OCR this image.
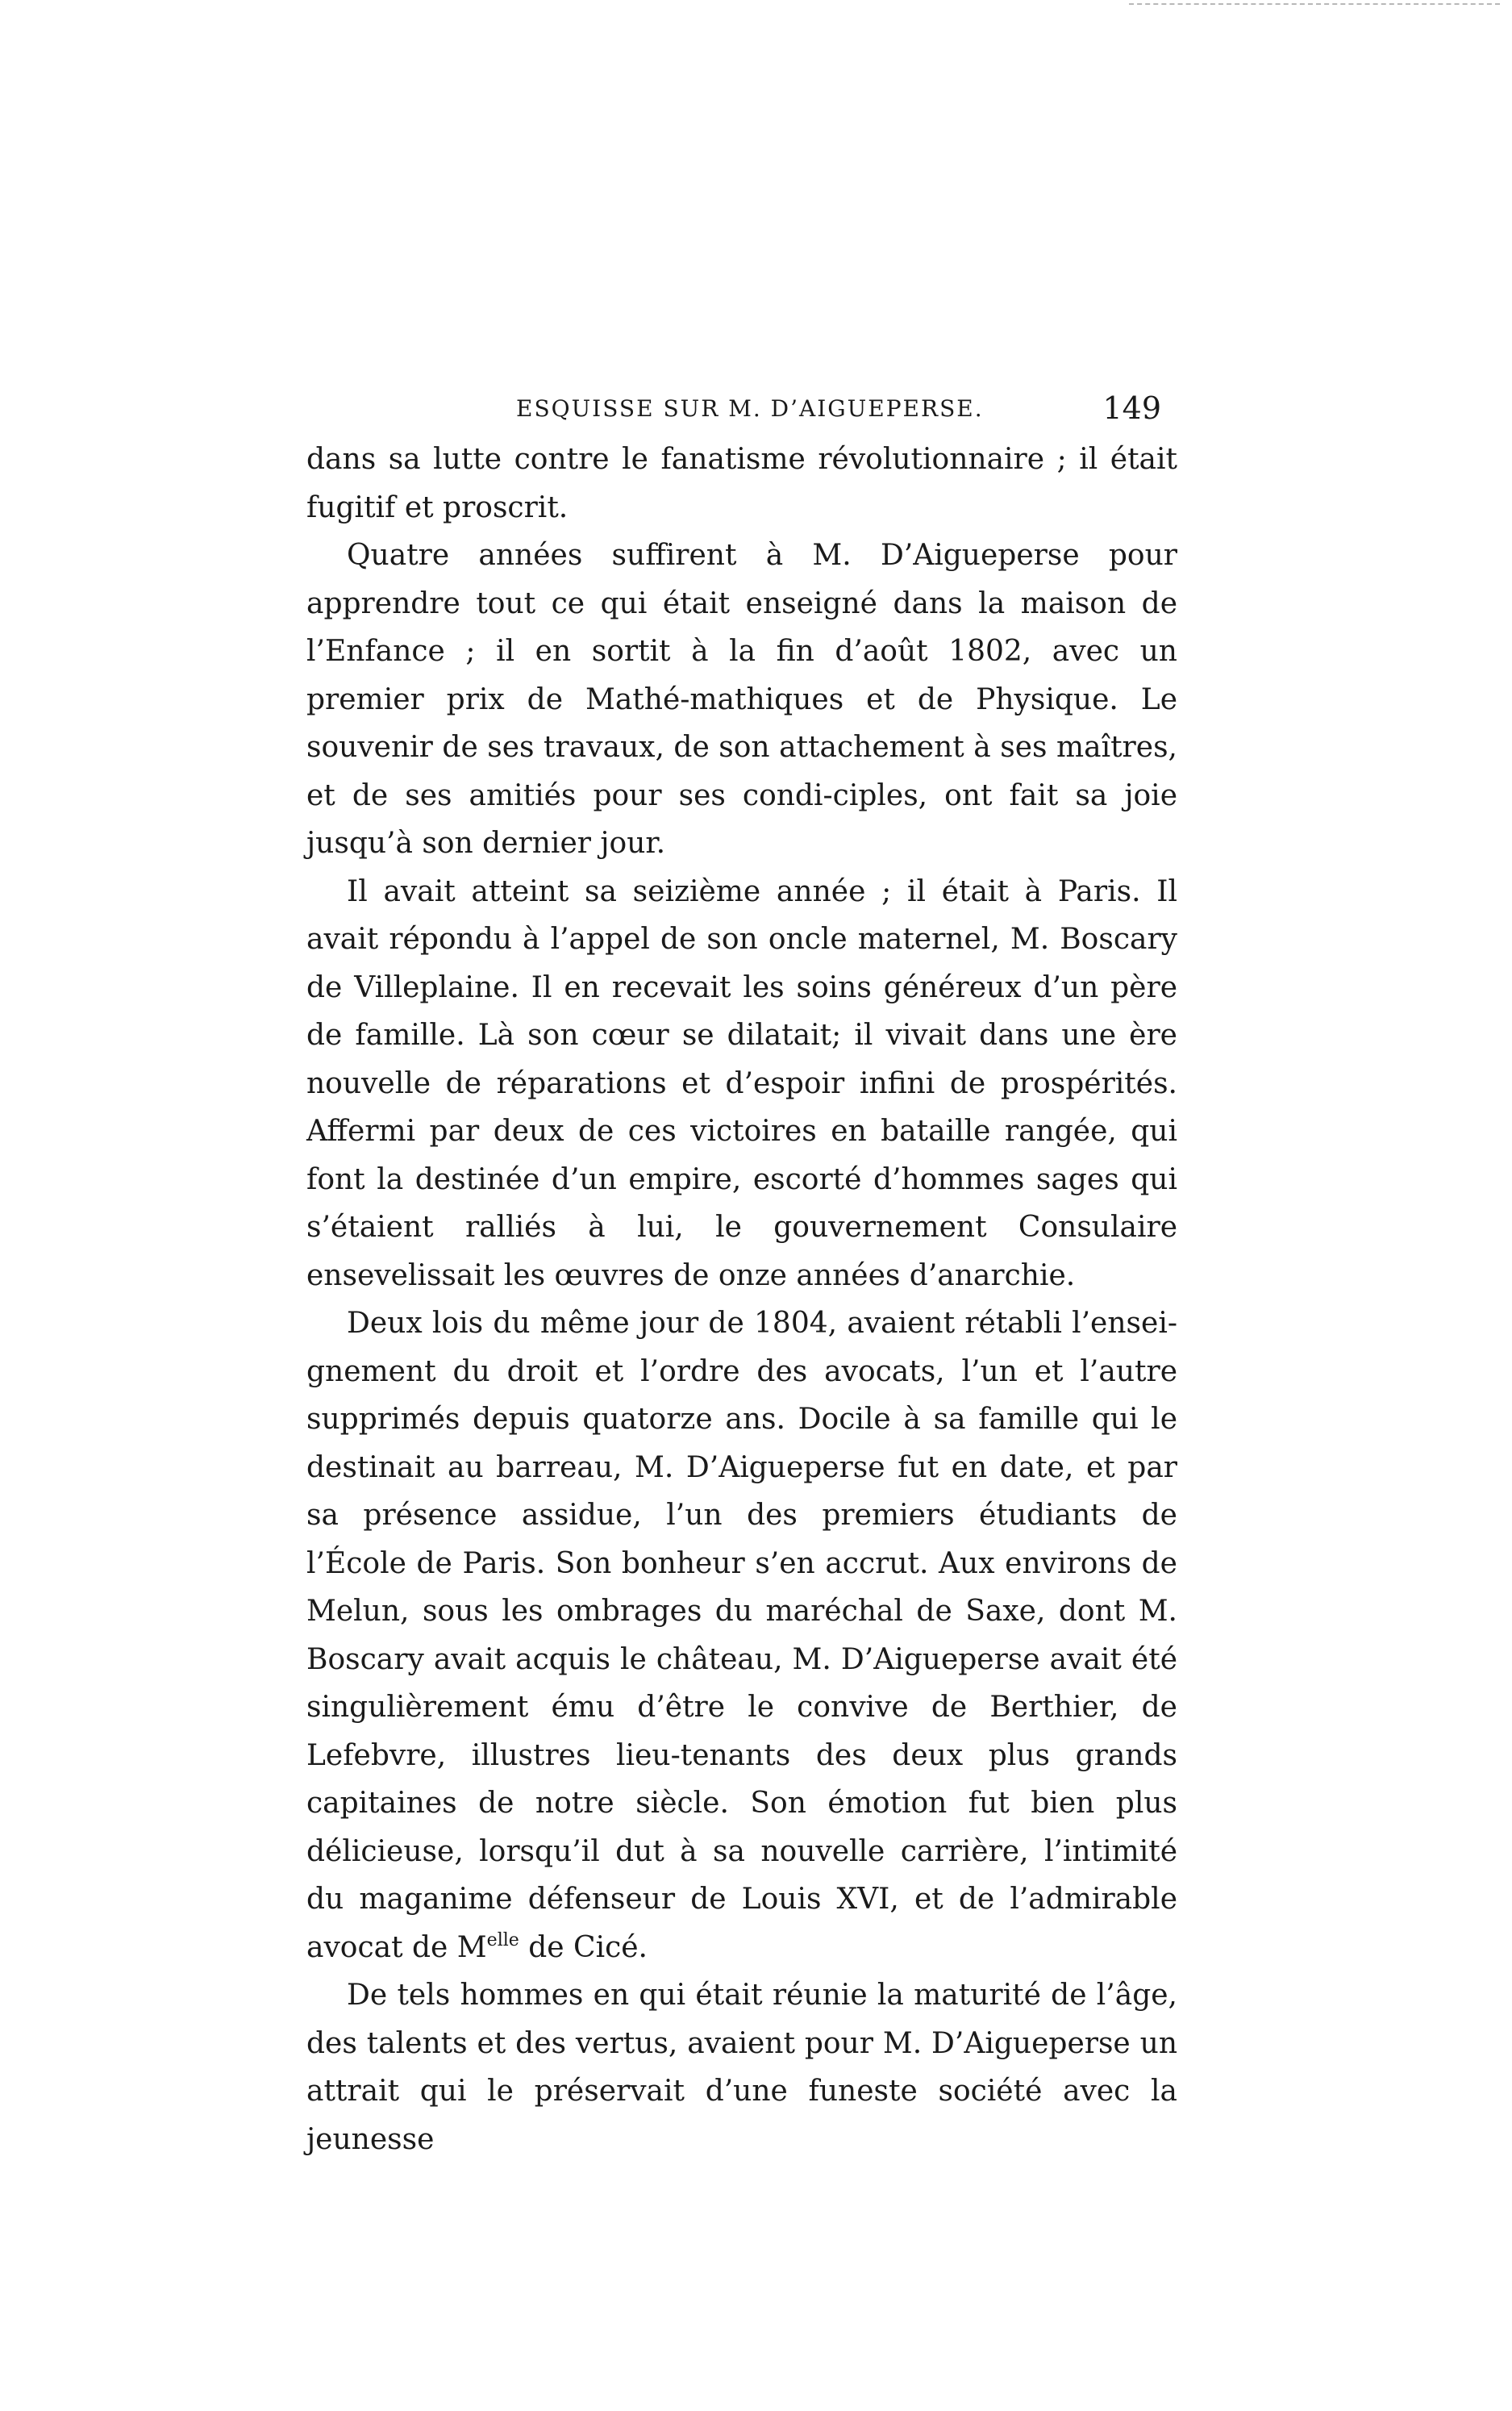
ESQUISSE SUR M. D’AIGUEPERSE.	149

dans sa lutte contre le fanatisme révolutionnaire ; il était fugitif et proscrit.

Quatre années suffirent à M. D’Aigueperse pour apprendre tout ce qui était enseigné dans la maison de l’Enfance ; il en sortit à la fin d’août 1802, avec un premier prix de Mathé-mathiques et de Physique. Le souvenir de ses travaux, de son attachement à ses maîtres, et de ses amitiés pour ses condi-ciples, ont fait sa joie jusqu’à son dernier jour.

Il avait atteint sa seizième année ; il était à Paris. Il avait répondu à l’appel de son oncle maternel, M. Boscary de Villeplaine. Il en recevait les soins généreux d’un père de famille. Là son cœur se dilatait; il vivait dans une ère nouvelle de réparations et d’espoir infini de prospérités. Affermi par deux de ces victoires en bataille rangée, qui font la destinée d’un empire, escorté d’hommes sages qui s’étaient ralliés à lui, le gouvernement Consulaire ensevelissait les œuvres de onze années d’anarchie.

Deux lois du même jour de 1804, avaient rétabli l’ensei-gnement du droit et l’ordre des avocats, l’un et l’autre supprimés depuis quatorze ans. Docile à sa famille qui le destinait au barreau, M. D’Aigueperse fut en date, et par sa présence assidue, l’un des premiers étudiants de l’École de Paris. Son bonheur s’en accrut. Aux environs de Melun, sous les ombrages du maréchal de Saxe, dont M. Boscary avait acquis le château, M. D’Aigueperse avait été singulièrement ému d’être le convive de Berthier, de Lefebvre, illustres lieu-tenants des deux plus grands capitaines de notre siècle. Son émotion fut bien plus délicieuse, lorsqu’il dut à sa nouvelle carrière, l’intimité du maganime défenseur de Louis XVI, et de l’admirable avocat de $M^{elle}$ de Cicé.

De tels hommes en qui était réunie la maturité de l’âge, des talents et des vertus, avaient pour M. D’Aigueperse un attrait qui le préservait d’une funeste société avec la jeunesse
